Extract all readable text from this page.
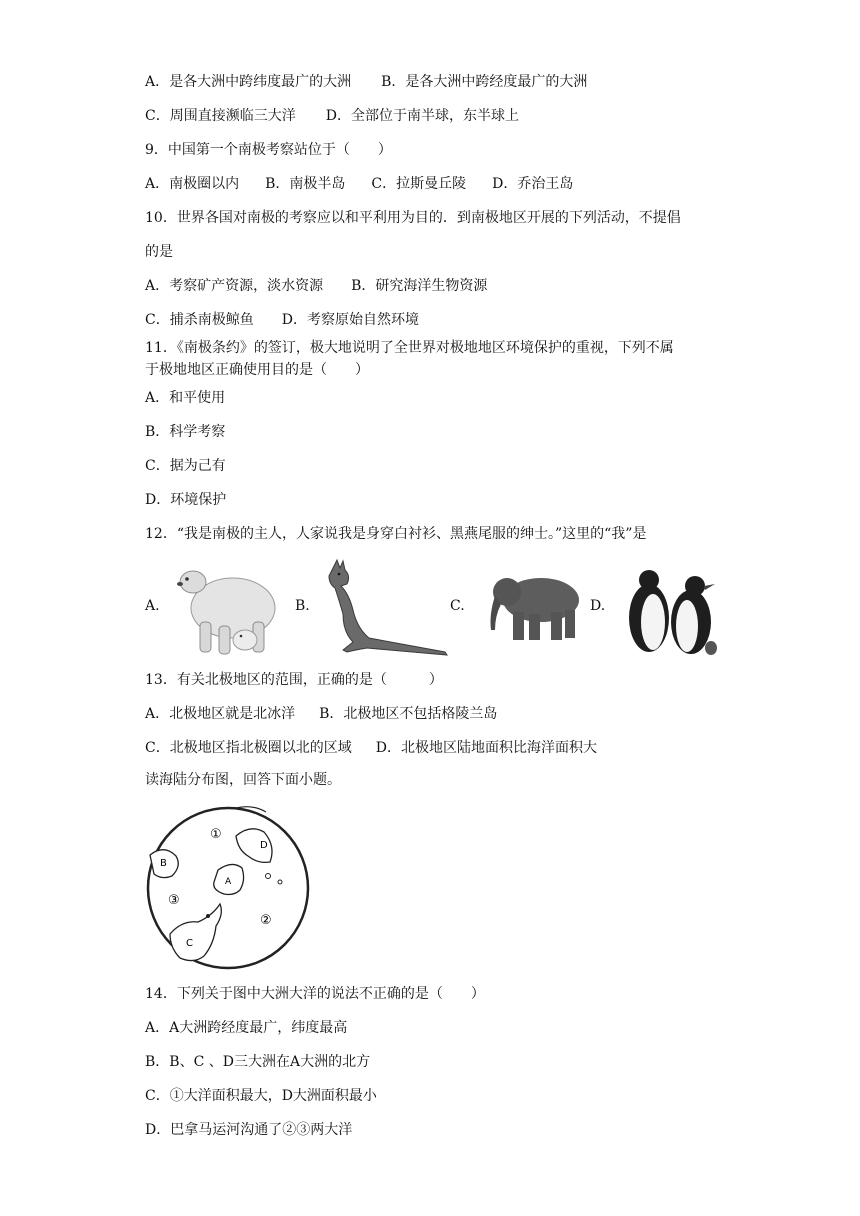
A．是各大洲中跨纬度最广的大洲 B．是各大洲中跨经度最广的大洲
C．周围直接濒临三大洋 D．全部位于南半球，东半球上
9．中国第一个南极考察站位于（　　）
A．南极圈以内 B．南极半岛 C．拉斯曼丘陵 D．乔治王岛
10．世界各国对南极的考察应以和平利用为目的．到南极地区开展的下列活动，不提倡
的是
A．考察矿产资源，淡水资源 B．研究海洋生物资源
C．捕杀南极鲸鱼 D．考察原始自然环境
11．《南极条约》的签订，极大地说明了全世界对极地地区环境保护的重视，下列不属
于极地地区正确使用目的是（　　）
A．和平使用
B．科学考察
C．据为己有
D．环境保护
12．“我是南极的主人，人家说我是身穿白衬衫、黑燕尾服的绅士。”这里的“我”是
A.	B.	C.	D.
13．有关北极地区的范围，正确的是（　　　）
A．北极地区就是北冰洋 B．北极地区不包括格陵兰岛
C．北极地区指北极圈以北的区域 D．北极地区陆地面积比海洋面积大
读海陆分布图，回答下面小题。
①
②
③
A
B
C
D
14．下列关于图中大洲大洋的说法不正确的是（　　）
A．A大洲跨经度最广，纬度最高
B．B、C 、D三大洲在A大洲的北方
C．①大洋面积最大，D大洲面积最小
D．巴拿马运河沟通了②③两大洋
